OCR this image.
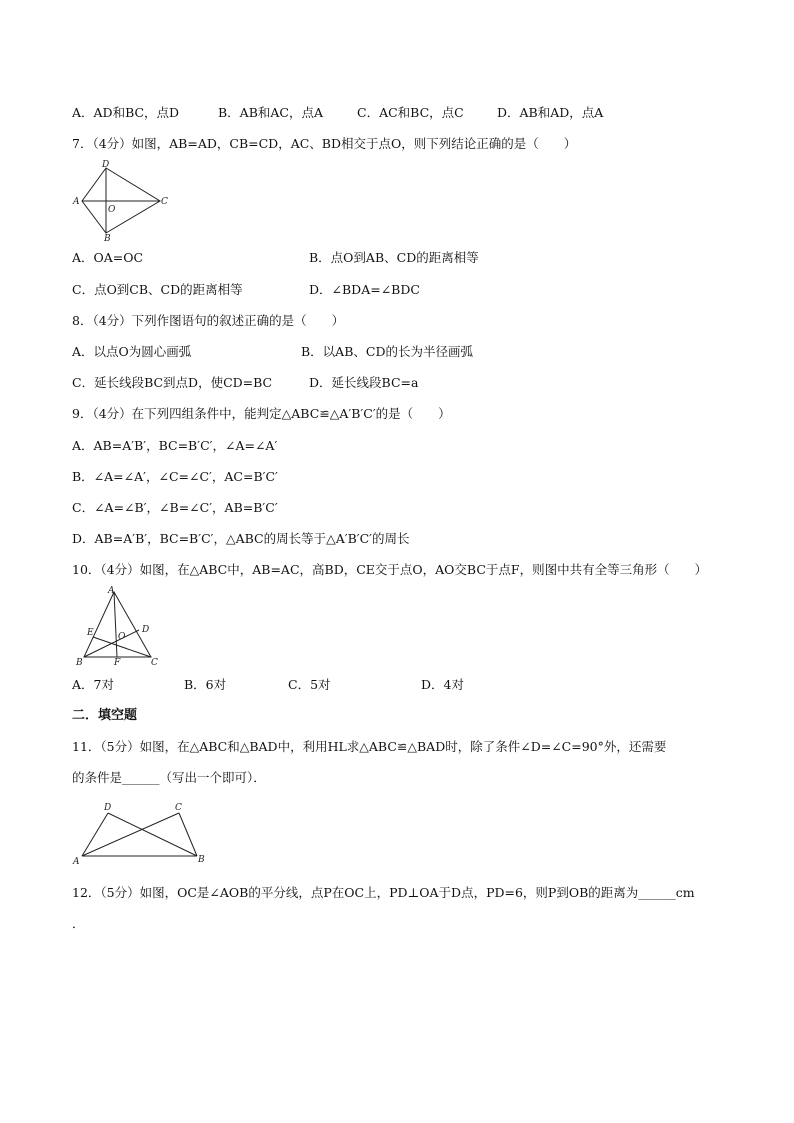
A．AD和BC，点D	B．AB和AC，点A	C．AC和BC，点C	D．AB和AD，点A
7．（4分）如图，AB=AD，CB=CD，AC、BD相交于点O，则下列结论正确的是（　　）
D
A
O
C
B
A．OA=OC	B．点O到AB、CD的距离相等
C．点O到CB、CD的距离相等	D．∠BDA=∠BDC
8．（4分）下列作图语句的叙述正确的是（　　）
A．以点O为圆心画弧	B．以AB、CD的长为半径画弧
C．延长线段BC到点D，使CD=BC	D．延长线段BC=a
9．（4分）在下列四组条件中，能判定△ABC≌△A′B′C′的是（　　）
A．AB=A′B′，BC=B′C′，∠A=∠A′
B．∠A=∠A′，∠C=∠C′，AC=B′C′
C．∠A=∠B′，∠B=∠C′，AB=B′C′
D．AB=A′B′，BC=B′C′，△ABC的周长等于△A′B′C′的周长
10．（4分）如图，在△ABC中，AB=AC，高BD，CE交于点O，AO交BC于点F，则图中共有全等三角形（　　）
A
E	D
O
B	F	C
A．7对	B．6对	C．5对	D．4对
二．填空题
11．（5分）如图，在△ABC和△BAD中，利用HL求△ABC≌△BAD时，除了条件∠D=∠C=90°外，还需要
的条件是______（写出一个即可）．
D	C
A	B
12．（5分）如图，OC是∠AOB的平分线，点P在OC上，PD⊥OA于D点，PD=6，则P到OB的距离为______cm
．
